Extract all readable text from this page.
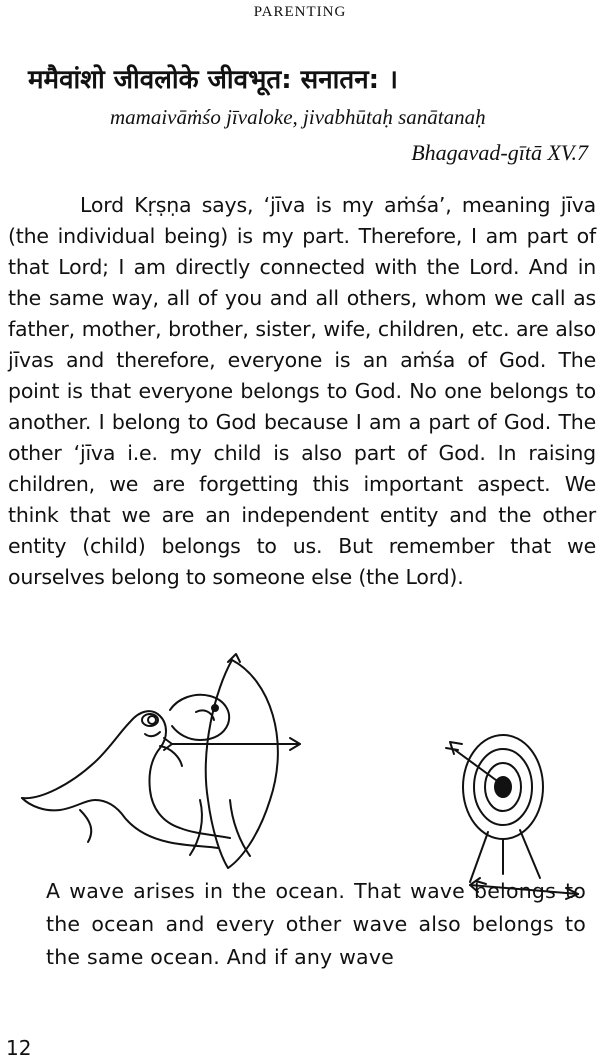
PARENTING
ममैवांशो जीवलोके जीवभूत: सनातन: ।
mamaivāṁśo jīvaloke, jivabhūtaḥ sanātanaḥ
Bhagavad-gītā XV.7
Lord Kṛṣṇa says, ‘jīva is my aṁśa’, meaning jīva (the individual being) is my part. Therefore, I am part of that Lord; I am directly connected with the Lord. And in the same way, all of you and all others, whom we call as father, mother, brother, sister, wife, children, etc. are also jīvas and therefore, everyone is an aṁśa of God. The point is that everyone belongs to God. No one belongs to another. I belong to God because I am a part of God. The other ‘jīva i.e. my child is also part of God. In raising children, we are forgetting this important aspect. We think that we are an independent entity and the other entity (child) belongs to us. But remember that we ourselves belong to someone else (the Lord).
A wave arises in the ocean. That wave belongs to the ocean and every other wave also belongs to the same ocean. And if any wave
12
